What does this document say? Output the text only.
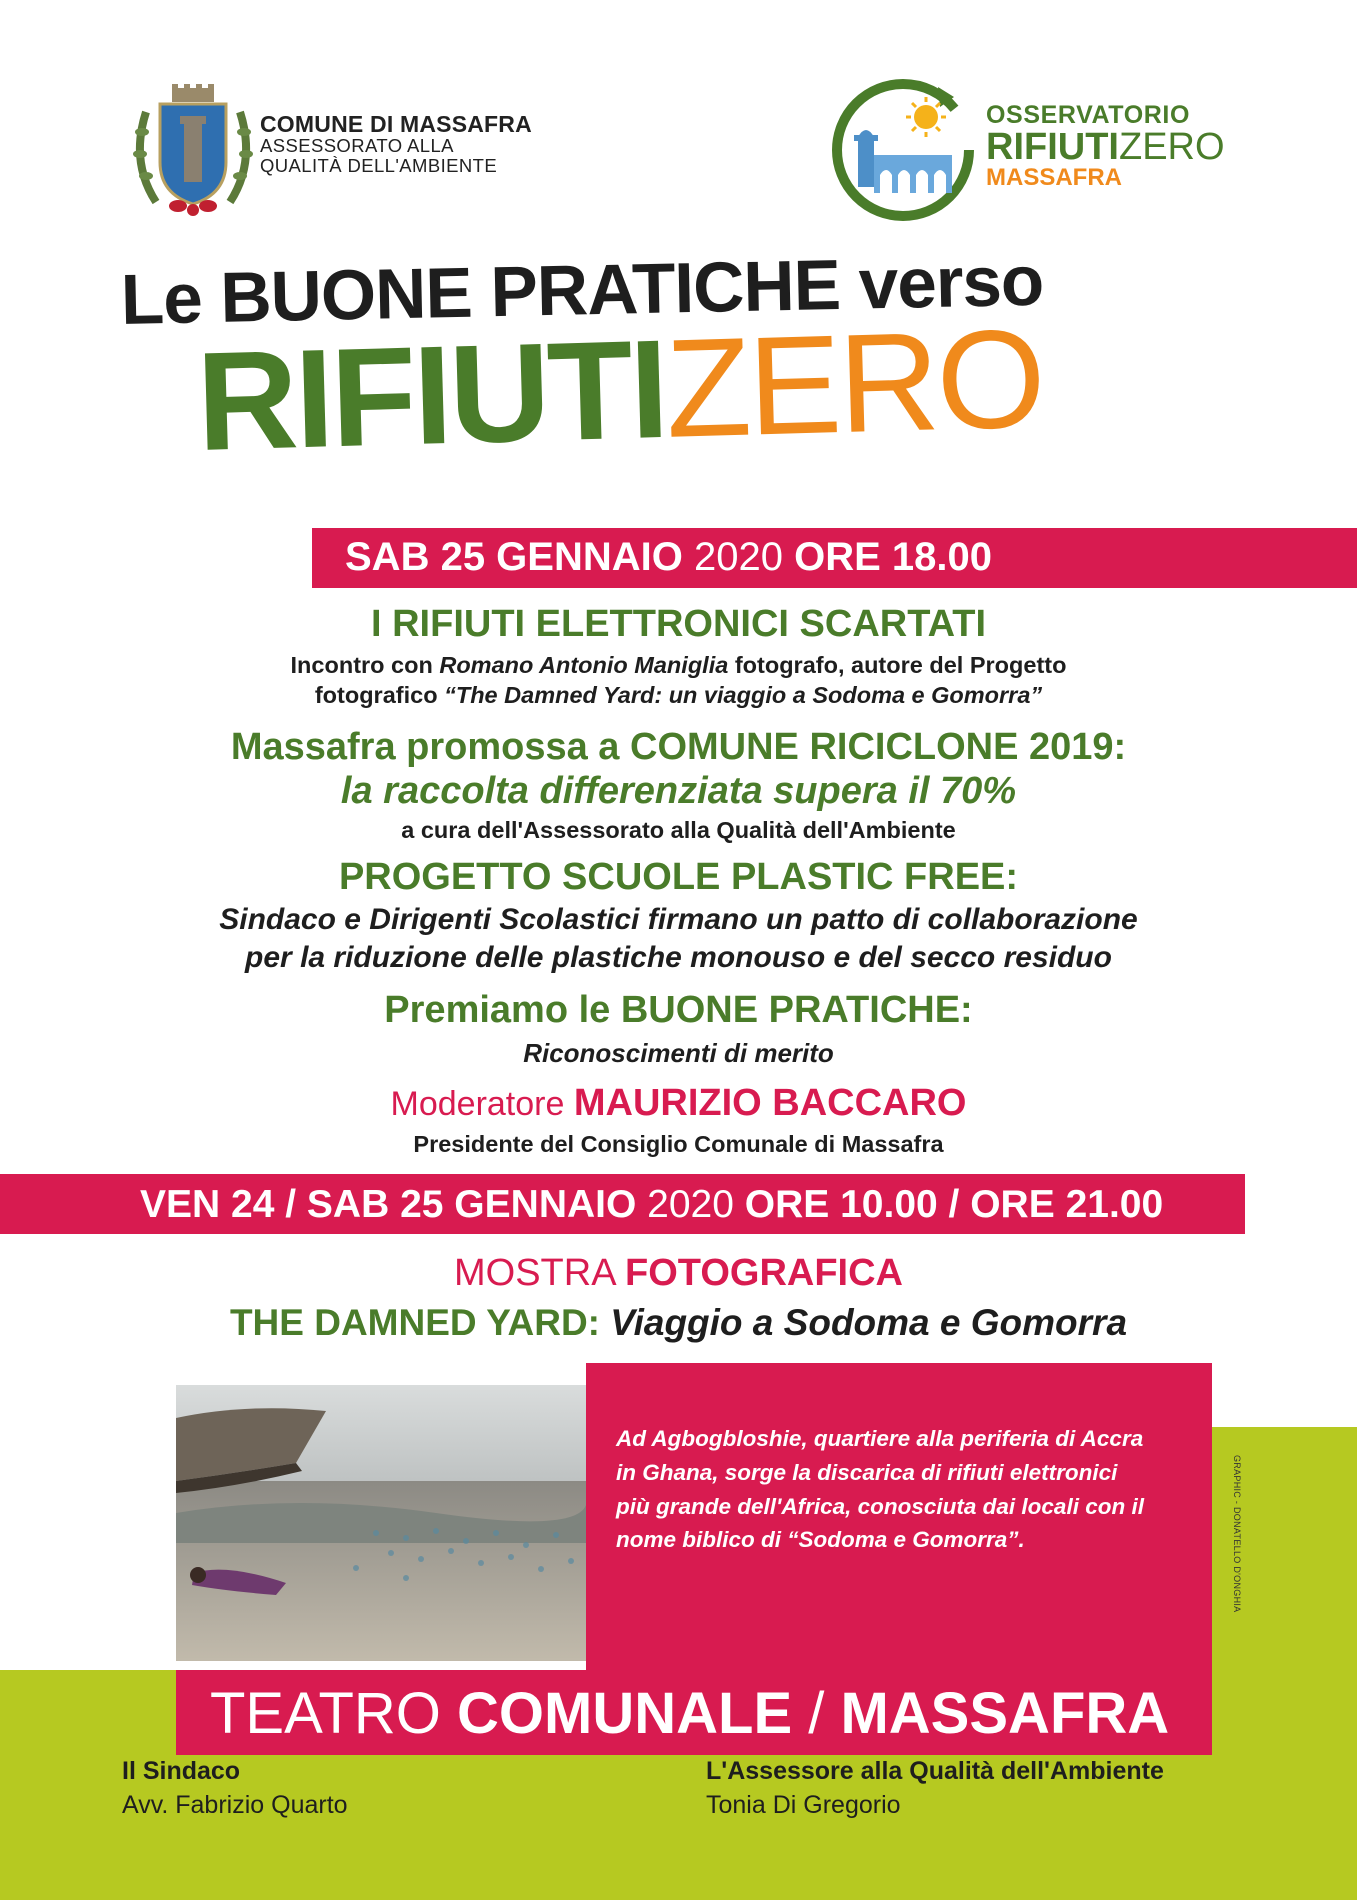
COMUNE DI MASSAFRA
ASSESSORATO ALLA
QUALITÀ DELL'AMBIENTE
OSSERVATORIO
RIFIUTIZERO
MASSAFRA
Le BUONE PRATICHE verso
RIFIUTIZERO
SAB 25 GENNAIO 2020 ORE 18.00
I RIFIUTI ELETTRONICI SCARTATI
Incontro con Romano Antonio Maniglia fotografo, autore del Progetto
fotografico “The Damned Yard: un viaggio a Sodoma e Gomorra”
Massafra promossa a COMUNE RICICLONE 2019:
la raccolta differenziata supera il 70%
a cura dell'Assessorato alla Qualità dell'Ambiente
PROGETTO SCUOLE PLASTIC FREE:
Sindaco e Dirigenti Scolastici firmano un patto di collaborazione
per la riduzione delle plastiche monouso e del secco residuo
Premiamo le BUONE PRATICHE:
Riconoscimenti di merito
Moderatore MAURIZIO BACCARO
Presidente del Consiglio Comunale di Massafra
VEN 24 / SAB 25 GENNAIO 2020 ORE 10.00 / ORE 21.00
MOSTRA FOTOGRAFICA
THE DAMNED YARD: Viaggio a Sodoma e Gomorra
Ad Agbogbloshie, quartiere alla periferia di Accra
in Ghana, sorge la discarica di rifiuti elettronici
più grande dell'Africa, conosciuta dai locali con il
nome biblico di “Sodoma e Gomorra”.	GRAPHIC - DONATELLO D'ONGHIA
TEATRO COMUNALE / MASSAFRA
Il Sindaco
Avv. Fabrizio Quarto
L'Assessore alla Qualità dell'Ambiente
Tonia Di Gregorio
